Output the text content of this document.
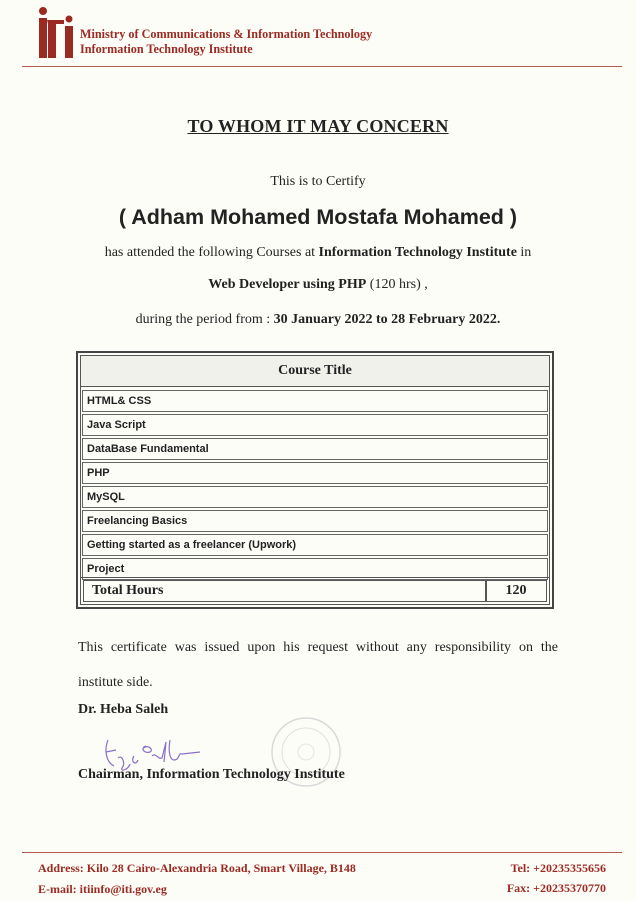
Ministry of Communications & Information Technology
Information Technology Institute
TO WHOM IT MAY CONCERN
This is to Certify
( Adham Mohamed Mostafa Mohamed )
has attended the following Courses at Information Technology Institute in
Web Developer using PHP (120 hrs) ,
during the period from : 30 January 2022 to 28 February 2022.
Course Title
HTML& CSS
Java Script
DataBase Fundamental
PHP
MySQL
Freelancing Basics
Getting started as a freelancer (Upwork)
Project
Total Hours	120
This certificate was issued upon his request without any responsibility on the
institute side.
Dr. Heba Saleh
Chairman, Information Technology Institute
Address: Kilo 28 Cairo-Alexandria Road, Smart Village, B148
E-mail: itiinfo@iti.gov.eg
Tel: +20235355656
Fax: +20235370770
